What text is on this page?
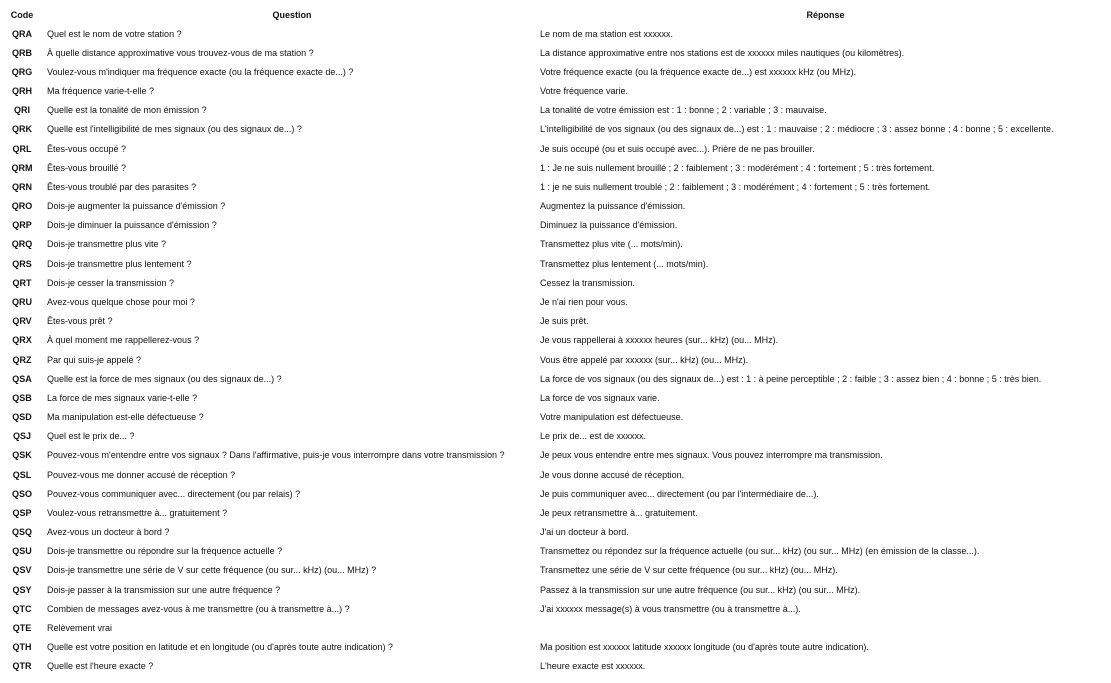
Code	Question	Réponse
QRA	Quel est le nom de votre station ?	Le nom de ma station est xxxxxx.
QRB	À quelle distance approximative vous trouvez-vous de ma station ?	La distance approximative entre nos stations est de xxxxxx miles nautiques (ou kilomètres).
QRG	Voulez-vous m'indiquer ma fréquence exacte (ou la fréquence exacte de...) ?	Votre fréquence exacte (ou la fréquence exacte de...) est xxxxxx kHz (ou MHz).
QRH	Ma fréquence varie-t-elle ?	Votre fréquence varie.
QRI	Quelle est la tonalité de mon émission ?	La tonalité de votre émission est : 1 : bonne ; 2 : variable ; 3 : mauvaise.
QRK	Quelle est l'intelligibilité de mes signaux (ou des signaux de...) ?	L'intelligibilité de vos signaux (ou des signaux de...) est : 1 : mauvaise ; 2 : médiocre ; 3 : assez bonne ; 4 : bonne ; 5 : excellente.
QRL	Êtes-vous occupé ?	Je suis occupé (ou et suis occupé avec...). Prière de ne pas brouiller.
QRM	Êtes-vous brouillé ?	1 : Je ne suis nullement brouillé ; 2 : faiblement ; 3 : modérément ; 4 : fortement ; 5 : très fortement.
QRN	Êtes-vous troublé par des parasites ?	1 : je ne suis nullement troublé ; 2 : faiblement ; 3 : modérément ; 4 : fortement ; 5 : très fortement.
QRO	Dois-je augmenter la puissance d'émission ?	Augmentez la puissance d'émission.
QRP	Dois-je diminuer la puissance d'émission ?	Diminuez la puissance d'émission.
QRQ	Dois-je transmettre plus vite ?	Transmettez plus vite (... mots/min).
QRS	Dois-je transmettre plus lentement ?	Transmettez plus lentement (... mots/min).
QRT	Dois-je cesser la transmission ?	Cessez la transmission.
QRU	Avez-vous quelque chose pour moi ?	Je n'ai rien pour vous.
QRV	Êtes-vous prêt ?	Je suis prêt.
QRX	À quel moment me rappellerez-vous ?	Je vous rappellerai à xxxxxx heures (sur... kHz) (ou... MHz).
QRZ	Par qui suis-je appelé ?	Vous être appelé par xxxxxx (sur... kHz) (ou... MHz).
QSA	Quelle est la force de mes signaux (ou des signaux de...) ?	La force de vos signaux (ou des signaux de...) est : 1 : à peine perceptible ; 2 : faible ; 3 : assez bien ; 4 : bonne ; 5 : très bien.
QSB	La force de mes signaux varie-t-elle ?	La force de vos signaux varie.
QSD	Ma manipulation est-elle défectueuse ?	Votre manipulation est défectueuse.
QSJ	Quel est le prix de... ?	Le prix de... est de xxxxxx.
QSK	Pouvez-vous m'entendre entre vos signaux ? Dans l'affirmative, puis-je vous interrompre dans votre transmission ?	Je peux vous entendre entre mes signaux. Vous pouvez interrompre ma transmission.
QSL	Pouvez-vous me donner accusé de réception ?	Je vous donne accusé de réception.
QSO	Pouvez-vous communiquer avec... directement (ou par relais) ?	Je puis communiquer avec... directement (ou par l'intermédiaire de...).
QSP	Voulez-vous retransmettre à... gratuitement ?	Je peux retransmettre à... gratuitement.
QSQ	Avez-vous un docteur à bord ?	J'ai un docteur à bord.
QSU	Dois-je transmettre ou répondre sur la fréquence actuelle ?	Transmettez ou répondez sur la fréquence actuelle (ou sur... kHz) (ou sur... MHz) (en émission de la classe...).
QSV	Dois-je transmettre une série de V sur cette fréquence (ou sur... kHz) (ou... MHz) ?	Transmettez une série de V sur cette fréquence (ou sur... kHz) (ou... MHz).
QSY	Dois-je passer à la transmission sur une autre fréquence ?	Passez à la transmission sur une autre fréquence (ou sur... kHz) (ou sur... MHz).
QTC	Combien de messages avez-vous à me transmettre (ou à transmettre à...) ?	J'ai xxxxxx message(s) à vous transmettre (ou à transmettre à...).
QTE	Relèvement vrai	
QTH	Quelle est votre position en latitude et en longitude (ou d'après toute autre indication) ?	Ma position est xxxxxx latitude xxxxxx longitude (ou d'après toute autre indication).
QTR	Quelle est l'heure exacte ?	L'heure exacte est xxxxxx.
